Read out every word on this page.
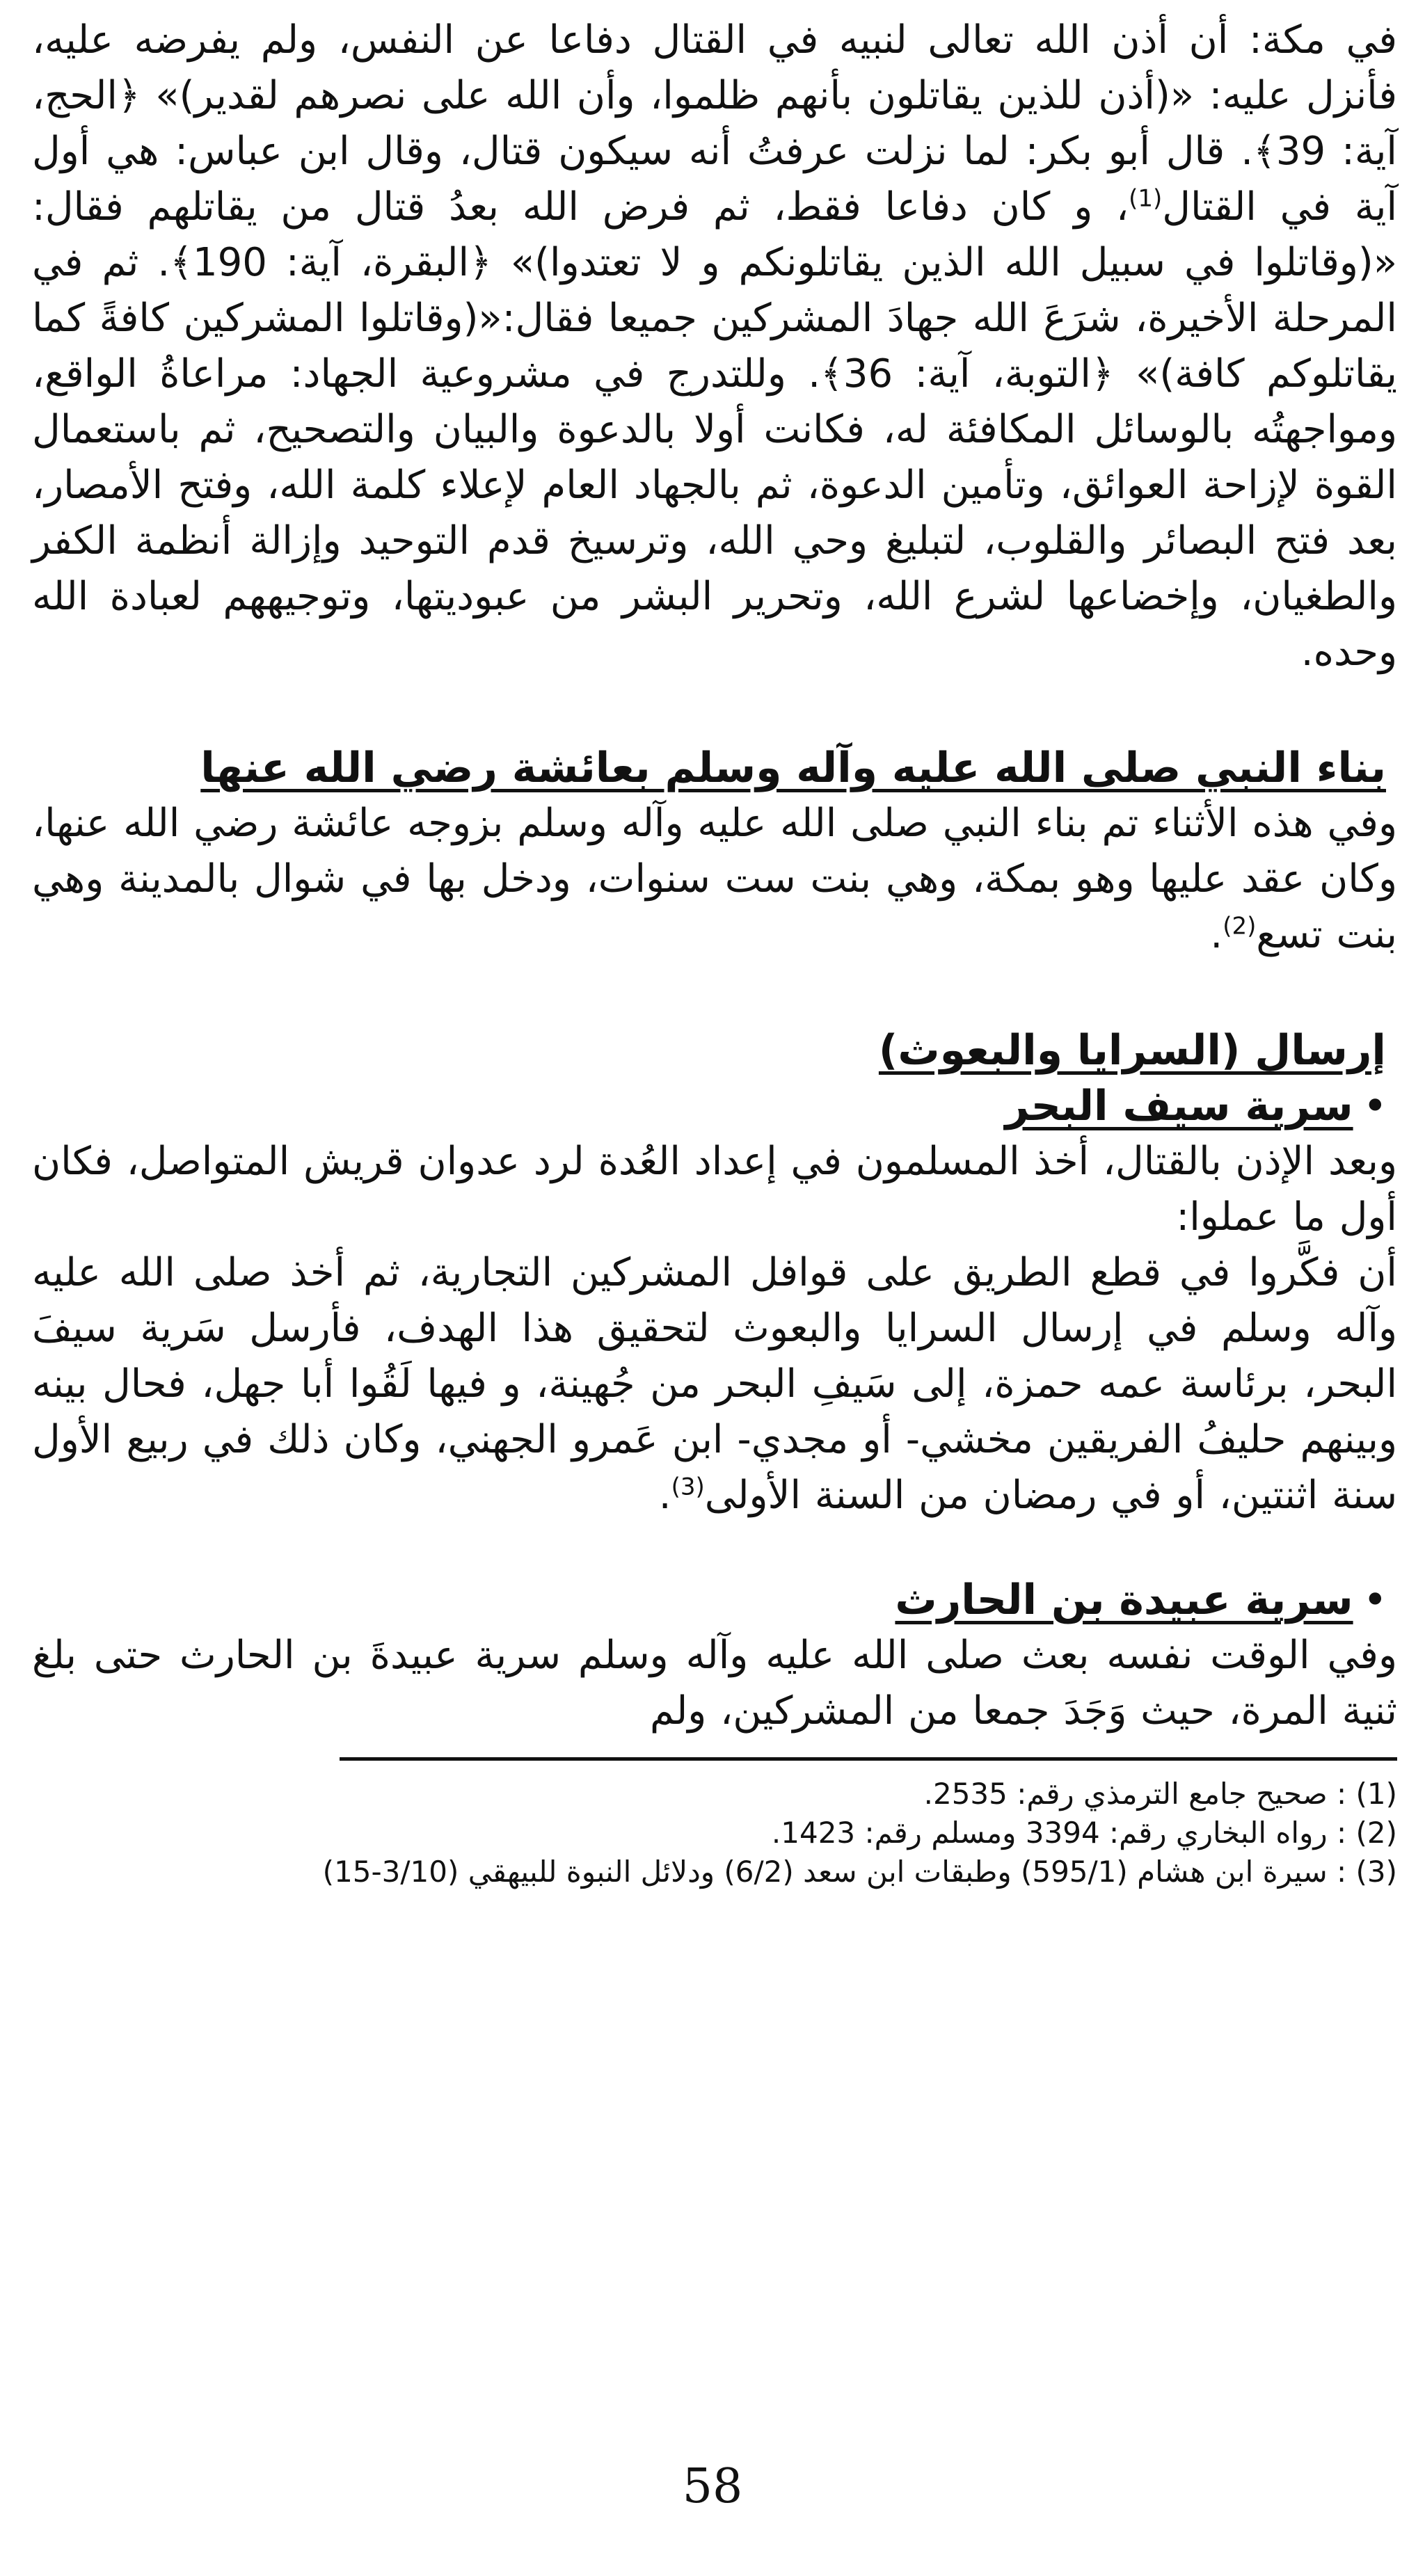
في مكة: أن أذن الله تعالى لنبيه في القتال دفاعا عن النفس، ولم يفرضه عليه، فأنزل عليه: «(أذن للذين يقاتلون بأنهم ظلموا، وأن الله على نصرهم لقدير)» ﴿الحج، آية: 39﴾. قال أبو بكر: لما نزلت عرفتُ أنه سيكون قتال، وقال ابن عباس: هي أول آية في القتال$^{(1)}$، و كان دفاعا فقط، ثم فرض الله بعدُ قتال من يقاتلهم فقال: «(وقاتلوا في سبيل الله الذين يقاتلونكم و لا تعتدوا)» ﴿البقرة، آية: 190﴾. ثم في المرحلة الأخيرة، شرَعَ الله جهادَ المشركين جميعا فقال:«(وقاتلوا المشركين كافةً كما يقاتلوكم كافة)» ﴿التوبة، آية: 36﴾. وللتدرج في مشروعية الجهاد: مراعاةُ الواقع، ومواجهتُه بالوسائل المكافئة له، فكانت أولا بالدعوة والبيان والتصحيح، ثم باستعمال القوة لإزاحة العوائق، وتأمين الدعوة، ثم بالجهاد العام لإعلاء كلمة الله، وفتح الأمصار، بعد فتح البصائر والقلوب، لتبليغ وحي الله، وترسيخ قدم التوحيد وإزالة أنظمة الكفر والطغيان، وإخضاعها لشرع الله، وتحرير البشر من عبوديتها، وتوجيههم لعبادة الله وحده.

بناء النبي صلى الله عليه وآله وسلم بعائشة رضي الله عنها

وفي هذه الأثناء تم بناء النبي صلى الله عليه وآله وسلم بزوجه عائشة رضي الله عنها، وكان عقد عليها وهو بمكة، وهي بنت ست سنوات، ودخل بها في شوال بالمدينة وهي بنت تسع$^{(2)}$.

إرسال (السرايا والبعوث)
•
سرية سيف البحر

وبعد الإذن بالقتال، أخذ المسلمون في إعداد العُدة لرد عدوان قريش المتواصل، فكان أول ما عملوا:

أن فكَّروا في قطع الطريق على قوافل المشركين التجارية، ثم أخذ صلى الله عليه وآله وسلم في إرسال السرايا والبعوث لتحقيق هذا الهدف، فأرسل سَرية سيفَ البحر، برئاسة عمه حمزة، إلى سَيفِ البحر من جُهينة، و فيها لَقُوا أبا جهل، فحال بينه وبينهم حليفُ الفريقين مخشي- أو مجدي- ابن عَمرو الجهني، وكان ذلك في ربيع الأول سنة اثنتين، أو في رمضان من السنة الأولى$^{(3)}$.

•
سرية عبيدة بن الحارث

وفي الوقت نفسه بعث صلى الله عليه وآله وسلم سرية عبيدةَ بن الحارث حتى بلغ ثنية المرة، حيث وَجَدَ جمعا من المشركين، ولم

(1) : صحيح جامع الترمذي رقم: 2535.

(2) : رواه البخاري رقم: 3394 ومسلم رقم: 1423.

(3) : سيرة ابن هشام (595/1) وطبقات ابن سعد (6/2) ودلائل النبوة للبيهقي (3/10-15)

58
